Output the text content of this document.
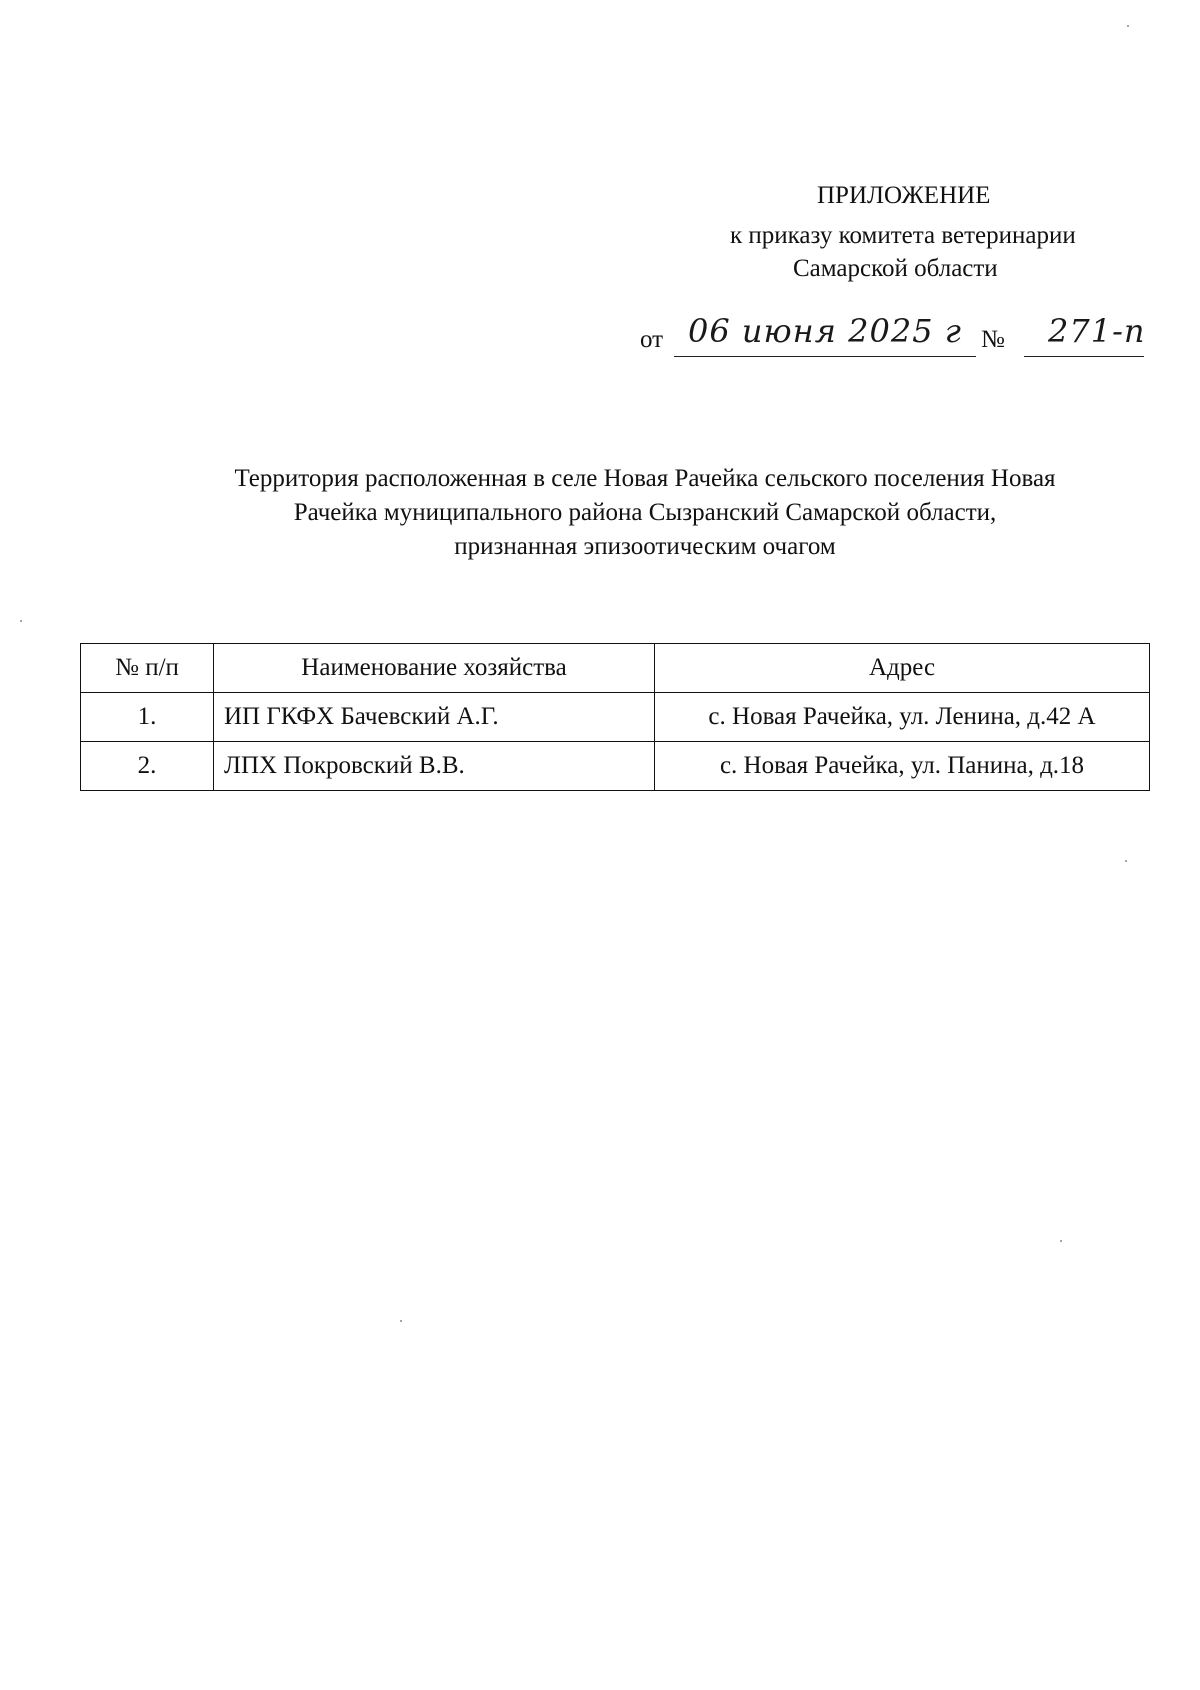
ПРИЛОЖЕНИЕ
к приказу комитета ветеринарии
Самарской области
от 06 июня 2025 г № 271-п
Территория расположенная в селе Новая Рачейка сельского поселения Новая
Рачейка муниципального района Сызранский Самарской области,
признанная эпизоотическим очагом
№ п/п	Наименование хозяйства	Адрес
1.	ИП ГКФХ Бачевский А.Г.	с. Новая Рачейка, ул. Ленина, д.42 А
2.	ЛПХ Покровский В.В.	с. Новая Рачейка, ул. Панина, д.18
